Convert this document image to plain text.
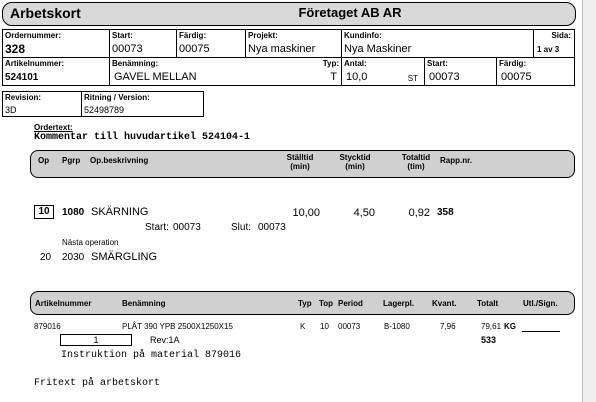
Arbetskort	Företaget AB AR
Ordernummer:
328
Start:
00073
Färdig:
00075
Projekt:
Nya maskiner
Kundinfo:
Nya Maskiner
Sida:
1 av 3
Artikelnummer:
524101
Benämning:
GAVEL MELLAN
Typ:
T
Antal:
10,0	ST
Start:
00073
Färdig:
00075
Revision:
3D
Ritning / Version:
52498789
Ordertext:
Kommentar till huvudartikel 524104-1
Op Pgrp Op.beskrivning	Ställtid
(min)
Stycktid
(min)
Totaltid
(tim)
Rapp.nr.
10	1080 SKÄRNING	10,00	4,50	0,92 358
Start: 00073	Slut: 00073
Nästa operation
20 2030 SMÄRGLING
Artikelnummer	Benämning	Typ Top Period	Lagerpl. Kvant.	Totalt	Utl./Sign.
879016	PLÅT 390 YPB 2500X1250X15	K 10 00073	B-1080	7,96	79,61 KG
1	Rev:1A	533
Instruktion på material 879016
Fritext på arbetskort
